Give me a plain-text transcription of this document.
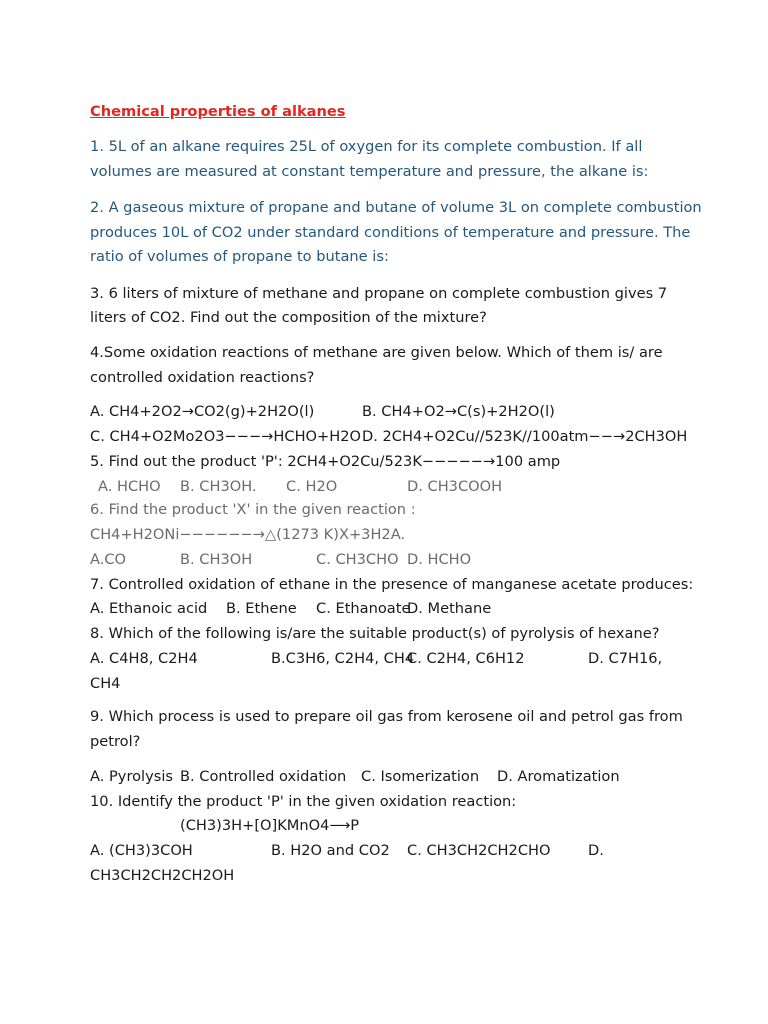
Chemical properties of alkanes
1. 5L of an alkane requires 25L of oxygen for its complete combustion. If all
volumes are measured at constant temperature and pressure, the alkane is:
2. A gaseous mixture of propane and butane of volume 3L on complete combustion
produces 10L of CO2 under standard conditions of temperature and pressure. The
ratio of volumes of propane to butane is:
3. 6 liters of mixture of methane and propane on complete combustion gives 7
liters of CO2. Find out the composition of the mixture?
4.Some oxidation reactions of methane are given below. Which of them is/ are
controlled oxidation reactions?
A. CH4+2O2→CO2(g)+2H2O(l)	B. CH4+O2→C(s)+2H2O(l)
C. CH4+O2Mo2O3−−−→HCHO+H2O D. 2CH4+O2Cu//523K//100atm−−→2CH3OH
5. Find out the product 'P': 2CH4+O2Cu/523K−−−−−→100 amp
A. HCHO B. CH3OH. C. H2O	D. CH3COOH
6. Find the product 'X' in the given reaction :
CH4+H2ONi−−−−−−→△(1273 K)X+3H2A.
A.CO	B. CH3OH	C. CH3CHO D. HCHO
7. Controlled oxidation of ethane in the presence of manganese acetate produces:
A. Ethanoic acid B. Ethene C. Ethanoate
D. Methane
8. Which of the following is/are the suitable product(s) of pyrolysis of hexane?
A. C4H8, C2H4	B.C3H6, C2H4, CH4
C. C2H4, C6H12	D. C7H16,
CH4
9. Which process is used to prepare oil gas from kerosene oil and petrol gas from
petrol?
A. Pyrolysis B. Controlled oxidation C. Isomerization D. Aromatization
10. Identify the product 'P' in the given oxidation reaction:
(CH3)3H+[O]KMnO4⟶P
A. (CH3)3COH	B. H2O and CO2 C. CH3CH2CH2CHO	D.
CH3CH2CH2CH2OH
